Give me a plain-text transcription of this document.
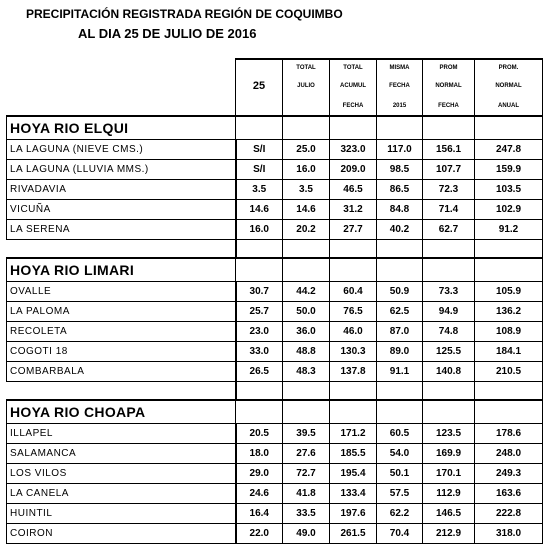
PRECIPITACIÓN REGISTRADA REGIÓN DE COQUIMBO
AL DIA 25 DE JULIO DE 2016
		TOTAL	TOTAL	MISMA	PROM	PROM.
	25	JULIO	ACUMUL	FECHA	NORMAL	NORMAL
			FECHA	2015	FECHA	ANUAL
HOYA RIO ELQUI						
LA LAGUNA (NIEVE CMS.)	S/I	25.0	323.0	117.0	156.1	247.8
LA LAGUNA (LLUVIA MMS.)	S/I	16.0	209.0	98.5	107.7	159.9
RIVADAVIA	3.5	3.5	46.5	86.5	72.3	103.5
VICUÑA	14.6	14.6	31.2	84.8	71.4	102.9
LA SERENA	16.0	20.2	27.7	40.2	62.7	91.2

HOYA RIO LIMARI						
OVALLE	30.7	44.2	60.4	50.9	73.3	105.9
LA PALOMA	25.7	50.0	76.5	62.5	94.9	136.2
RECOLETA	23.0	36.0	46.0	87.0	74.8	108.9
COGOTI 18	33.0	48.8	130.3	89.0	125.5	184.1
COMBARBALA	26.5	48.3	137.8	91.1	140.8	210.5

HOYA RIO CHOAPA						
ILLAPEL	20.5	39.5	171.2	60.5	123.5	178.6
SALAMANCA	18.0	27.6	185.5	54.0	169.9	248.0
LOS VILOS	29.0	72.7	195.4	50.1	170.1	249.3
LA CANELA	24.6	41.8	133.4	57.5	112.9	163.6
HUINTIL	16.4	33.5	197.6	62.2	146.5	222.8
COIRON	22.0	49.0	261.5	70.4	212.9	318.0
